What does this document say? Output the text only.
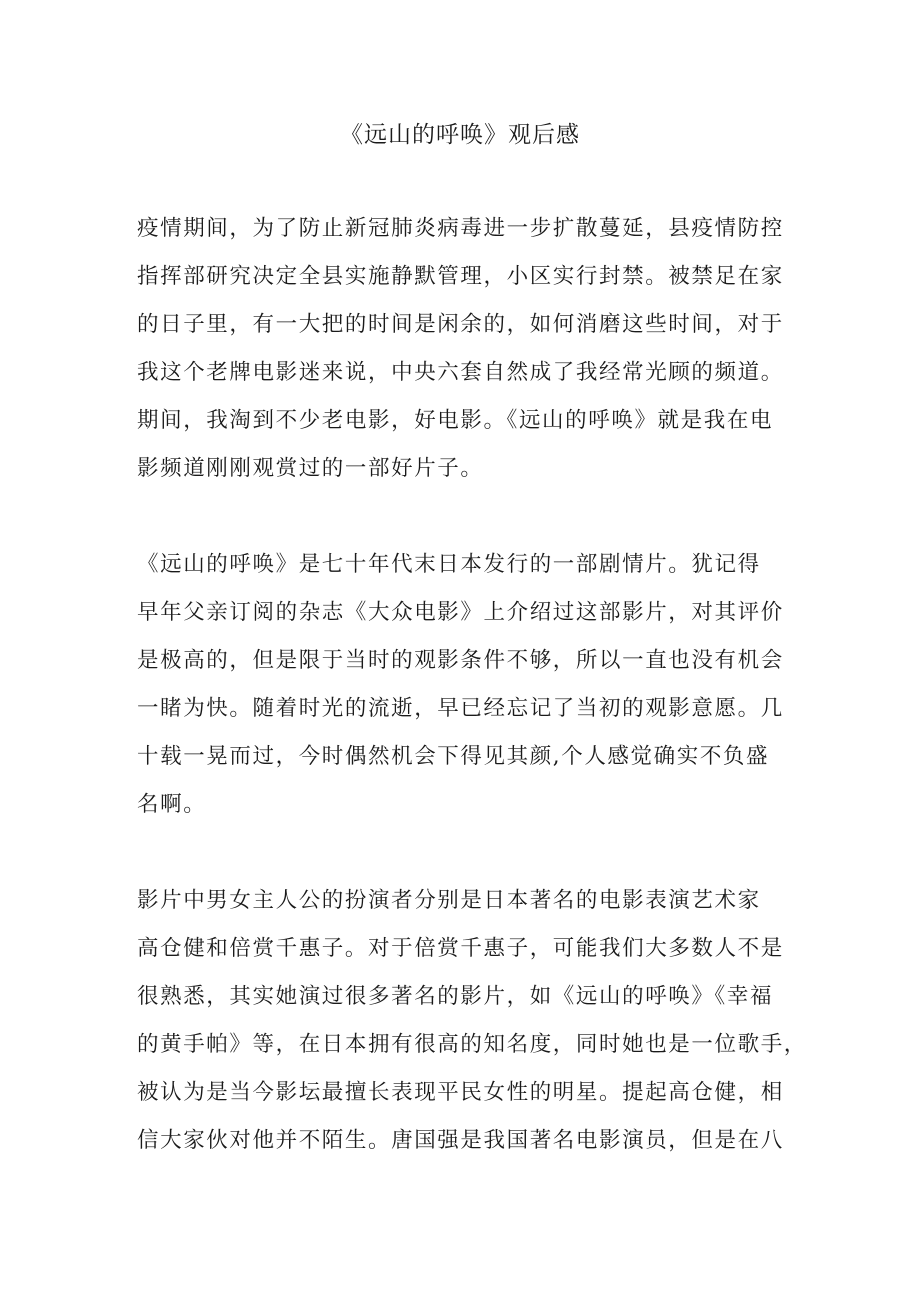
《远山的呼唤》观后感
疫情期间，为了防止新冠肺炎病毒进一步扩散蔓延，县疫情防控
指挥部研究决定全县实施静默管理，小区实行封禁。被禁足在家
的日子里，有一大把的时间是闲余的，如何消磨这些时间，对于
我这个老牌电影迷来说，中央六套自然成了我经常光顾的频道。
期间，我淘到不少老电影，好电影。《远山的呼唤》就是我在电
影频道刚刚观赏过的一部好片子。
《远山的呼唤》是七十年代末日本发行的一部剧情片。犹记得
早年父亲订阅的杂志《大众电影》上介绍过这部影片，对其评价
是极高的，但是限于当时的观影条件不够，所以一直也没有机会
一睹为快。随着时光的流逝，早已经忘记了当初的观影意愿。几
十载一晃而过，今时偶然机会下得见其颜,个人感觉确实不负盛
名啊。
影片中男女主人公的扮演者分别是日本著名的电影表演艺术家
高仓健和倍赏千惠子。对于倍赏千惠子，可能我们大多数人不是
很熟悉，其实她演过很多著名的影片，如《远山的呼唤》《幸福
的黄手帕》等，在日本拥有很高的知名度，同时她也是一位歌手，
被认为是当今影坛最擅长表现平民女性的明星。提起高仓健，相
信大家伙对他并不陌生。唐国强是我国著名电影演员，但是在八
